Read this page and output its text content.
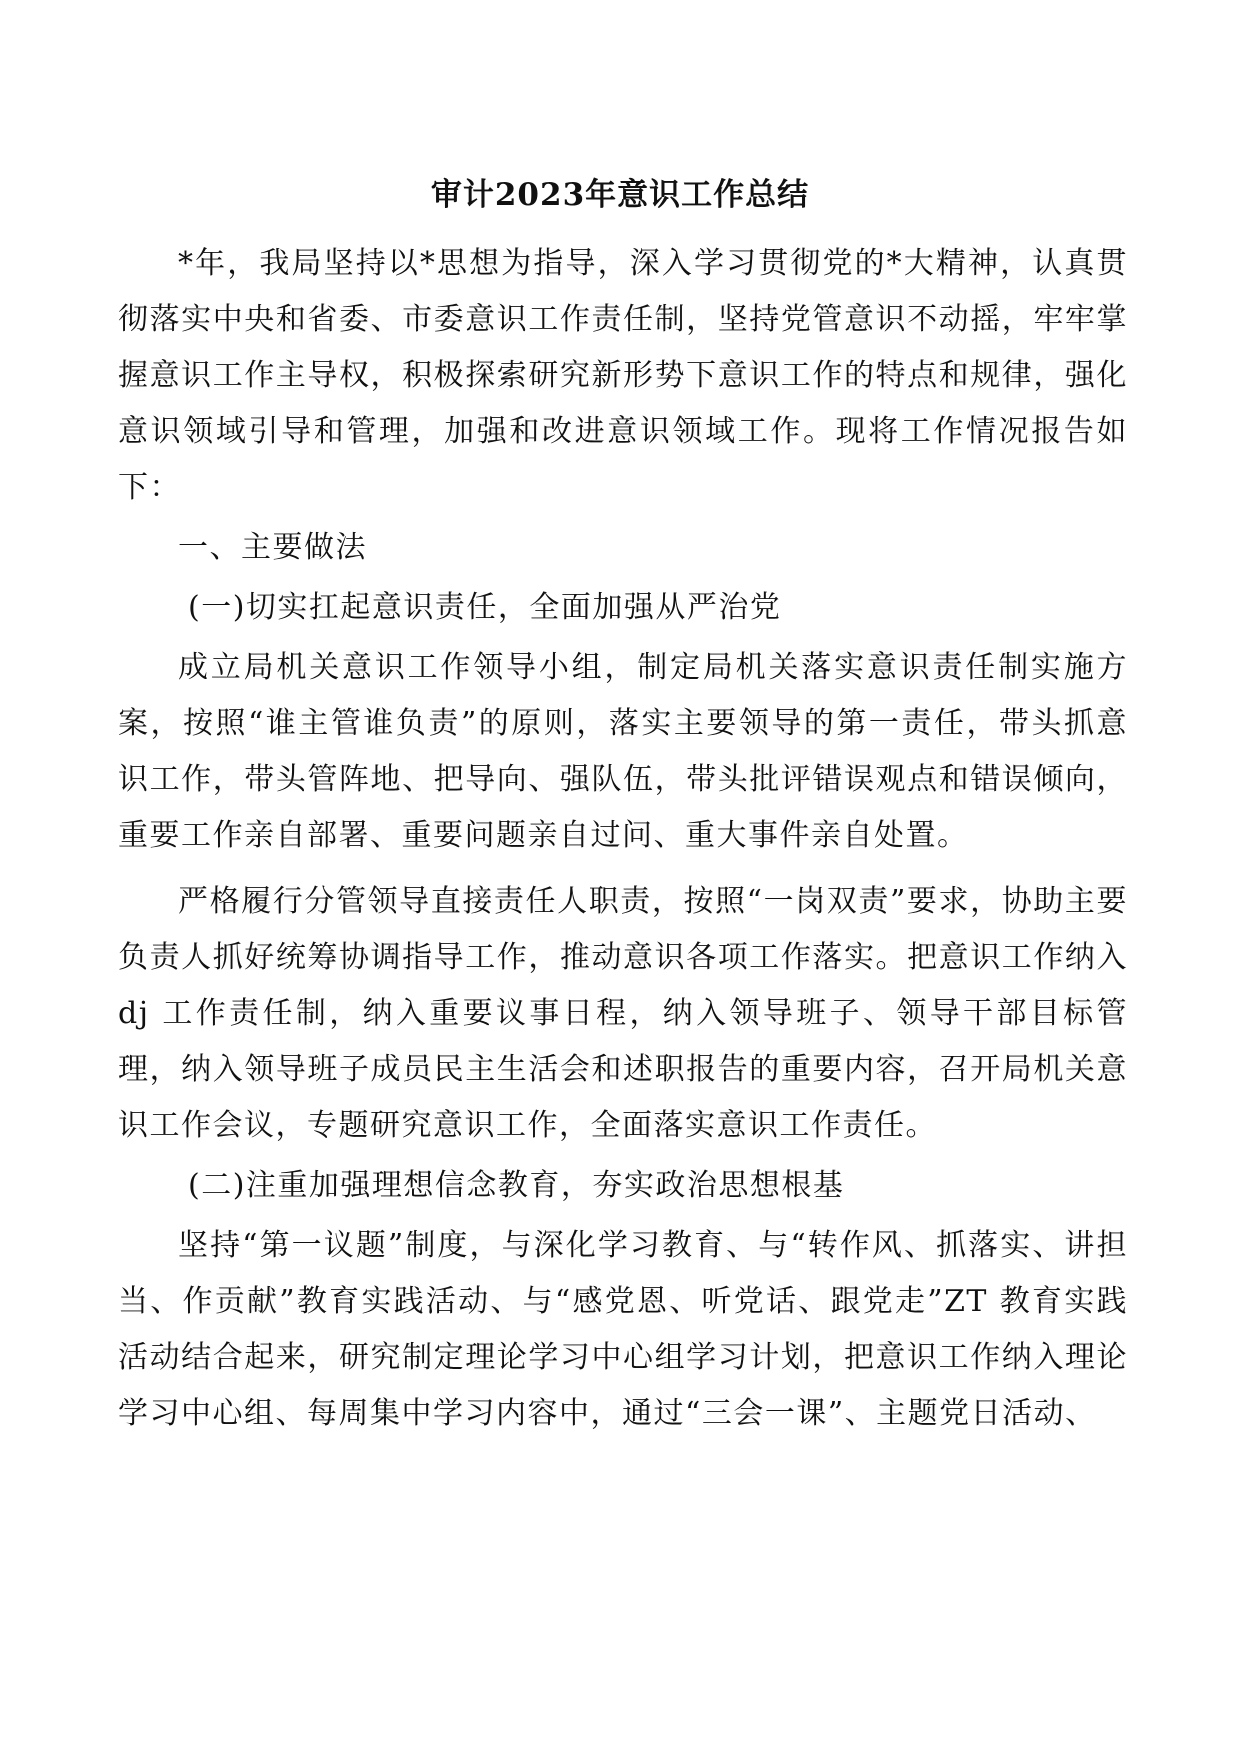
审计2023年意识工作总结

*年，我局坚持以*思想为指导，深入学习贯彻党的*大精神，认真贯彻落实中央和省委、市委意识工作责任制，坚持党管意识不动摇，牢牢掌握意识工作主导权，积极探索研究新形势下意识工作的特点和规律，强化意识领域引导和管理，加强和改进意识领域工作。现将工作情况报告如下：

一、主要做法

(一)切实扛起意识责任，全面加强从严治党

成立局机关意识工作领导小组，制定局机关落实意识责任制实施方案，按照“谁主管谁负责”的原则，落实主要领导的第一责任，带头抓意识工作，带头管阵地、把导向、强队伍，带头批评错误观点和错误倾向，重要工作亲自部署、重要问题亲自过问、重大事件亲自处置。

严格履行分管领导直接责任人职责，按照“一岗双责”要求，协助主要负责人抓好统筹协调指导工作，推动意识各项工作落实。把意识工作纳入dj 工作责任制，纳入重要议事日程，纳入领导班子、领导干部目标管理，纳入领导班子成员民主生活会和述职报告的重要内容，召开局机关意识工作会议，专题研究意识工作，全面落实意识工作责任。

(二)注重加强理想信念教育，夯实政治思想根基

坚持“第一议题”制度，与深化学习教育、与“转作风、抓落实、讲担当、作贡献”教育实践活动、与“感党恩、听党话、跟党走”ZT 教育实践活动结合起来，研究制定理论学习中心组学习计划，把意识工作纳入理论学习中心组、每周集中学习内容中，通过“三会一课”、主题党日活动、
